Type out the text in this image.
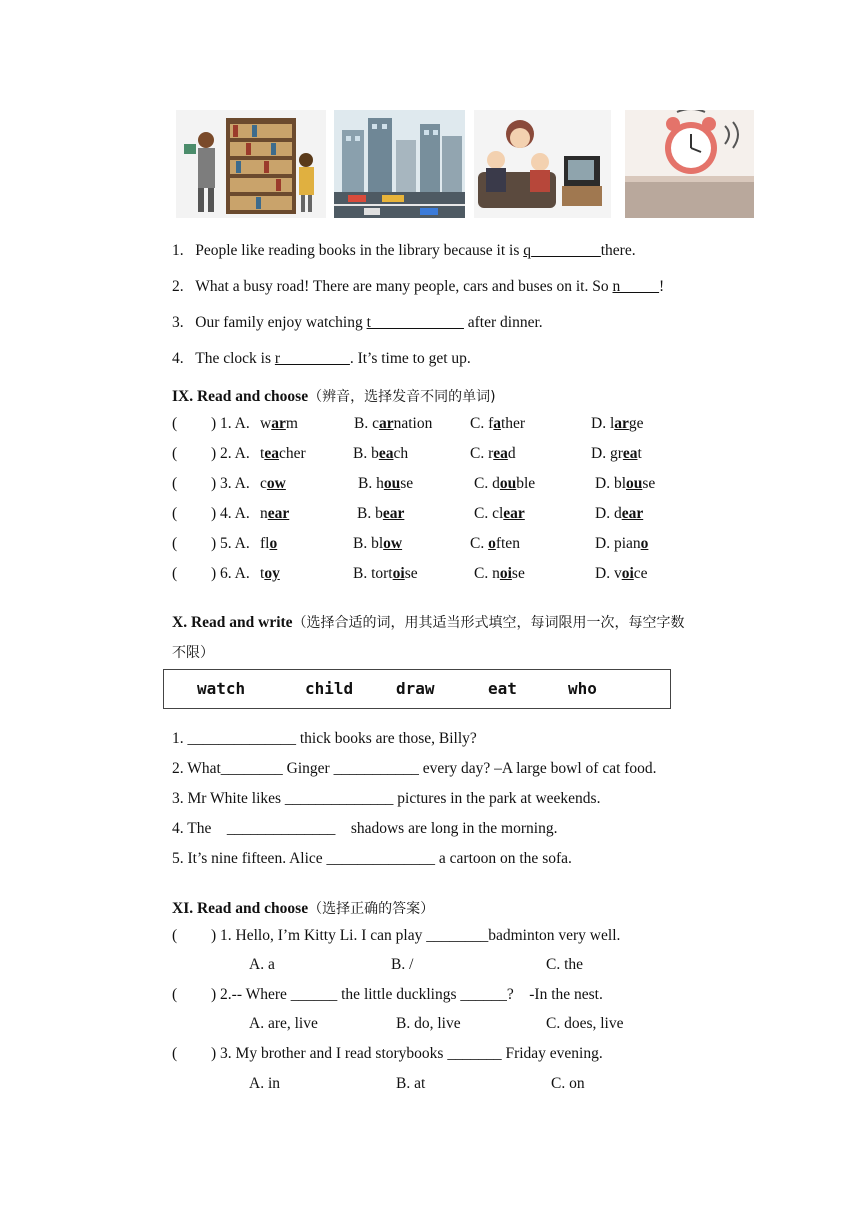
1. People like reading books in the library because it is q_________there.
2. What a busy road! There are many people, cars and buses on it. So n_____!
3. Our family enjoy watching t____________ after dinner.
4. The clock is r_________. It’s time to get up.
IX. Read and choose（辨音，选择发音不同的单词)
( ) 1. A. warm	B. carnation C. father	D. large
( ) 2. A. teacher	B. beach	C. read	D. great
( ) 3. A. cow	B. house	C. double	D. blouse
( ) 4. A. near	B. bear	C. clear	D. dear
( ) 5. A. flo	B. blow	C. often	D. piano
( ) 6. A. toy	B. tortoise	C. noise	D. voice
X. Read and write（选择合适的词，用其适当形式填空，每词限用一次，每空字数
不限）
watch	child	draw	eat	who
1. ______________ thick books are those, Billy?
2. What________ Ginger ___________ every day? –A large bowl of cat food.
3. Mr White likes ______________ pictures in the park at weekends.
4. The    ______________    shadows are long in the morning.
5. It’s nine fifteen. Alice ______________ a cartoon on the sofa.
XI. Read and choose（选择正确的答案）
( ) 1. Hello, I’m Kitty Li. I can play ________badminton very well.
A. a	B. /	C. the
( ) 2.-- Where ______ the little ducklings ______?    -In the nest.
A. are, live	B. do, live	C. does, live
( ) 3. My brother and I read storybooks _______ Friday evening.
A. in	B. at	C. on
